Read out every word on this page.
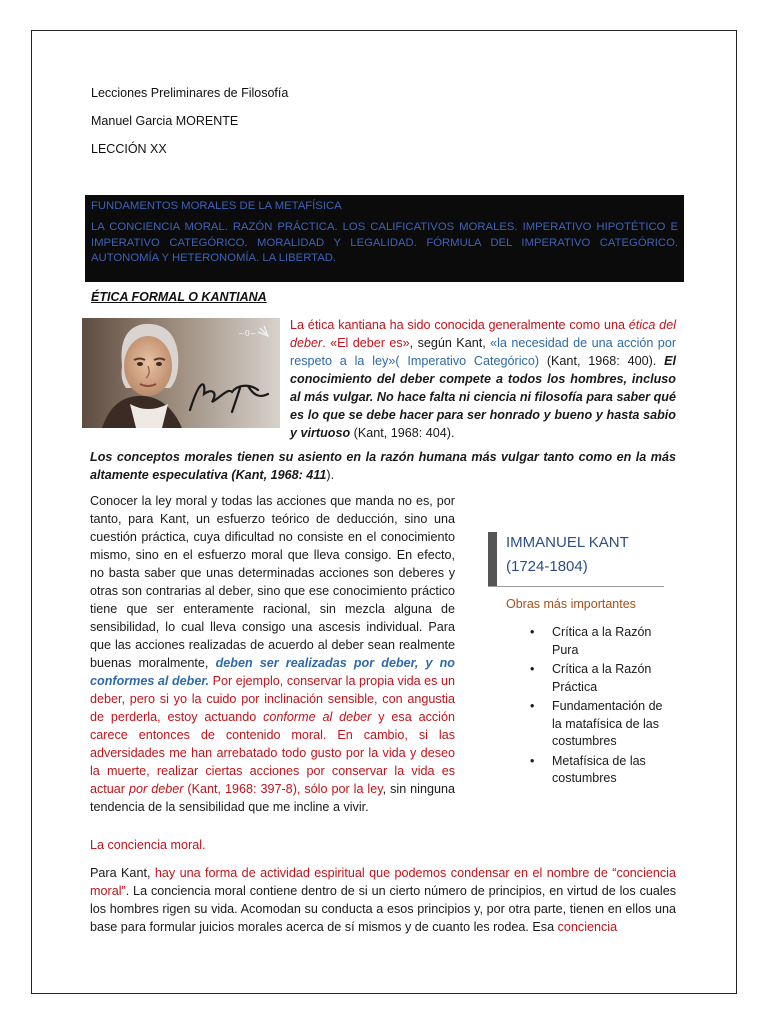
Lecciones Preliminares de Filosofía
Manuel Garcia MORENTE
LECCIÓN XX
FUNDAMENTOS MORALES DE LA METAFÍSICA
LA CONCIENCIA MORAL. RAZÓN PRÁCTICA. LOS CALIFICATIVOS MORALES. IMPERATIVO HIPOTÉTICO E IMPERATIVO CATEGÓRICO. MORALIDAD Y LEGALIDAD. FÓRMULA DEL IMPERATIVO CATEGÓRICO. AUTONOMÍA Y HETERONOMÍA. LA LIBERTAD.
ÉTICA FORMAL O KANTIANA
~0~
La ética kantiana ha sido conocida generalmente como una ética del deber. «El deber es», según Kant, «la necesidad de una acción por respeto a la ley»( Imperativo Categórico) (Kant, 1968: 400). El conocimiento del deber compete a todos los hombres, incluso al más vulgar. No hace falta ni ciencia ni filosofía para saber qué es lo que se debe hacer para ser honrado y bueno y hasta sabio y virtuoso (Kant, 1968: 404).
Los conceptos morales tienen su asiento en la razón humana más vulgar tanto como en la más altamente especulativa (Kant, 1968: 411).
Conocer la ley moral y todas las acciones que manda no es, por tanto, para Kant, un esfuerzo teórico de deducción, sino una cuestión práctica, cuya dificultad no consiste en el conocimiento mismo, sino en el esfuerzo moral que lleva consigo. En efecto, no basta saber que unas determinadas acciones son deberes y otras son contrarias al deber, sino que ese conocimiento práctico tiene que ser enteramente racional, sin mezcla alguna de sensibilidad, lo cual lleva consigo una ascesis individual. Para que las acciones realizadas de acuerdo al deber sean realmente buenas moralmente, deben ser realizadas por deber, y no conformes al deber. Por ejemplo, conservar la propia vida es un deber, pero si yo la cuido por inclinación sensible, con angustia de perderla, estoy actuando conforme al deber y esa acción carece entonces de contenido moral. En cambio, si las adversidades me han arrebatado todo gusto por la vida y deseo la muerte, realizar ciertas acciones por conservar la vida es actuar por deber (Kant, 1968: 397-8), sólo por la ley, sin ninguna tendencia de la sensibilidad que me incline a vivir.
IMMANUEL KANT
(1724-1804)
Obras más importantes
• Crítica a la Razón Pura
• Crítica a la Razón Práctica
• Fundamentación de la matafísica de las costumbres
• Metafísica de las costumbres
La conciencia moral.
Para Kant, hay una forma de actividad espiritual que podemos condensar en el nombre de “conciencia moral”. La conciencia moral contiene dentro de si un cierto número de principios, en virtud de los cuales los hombres rigen su vida. Acomodan su conducta a esos principios y, por otra parte, tienen en ellos una base para formular juicios morales acerca de sí mismos y de cuanto les rodea. Esa conciencia
